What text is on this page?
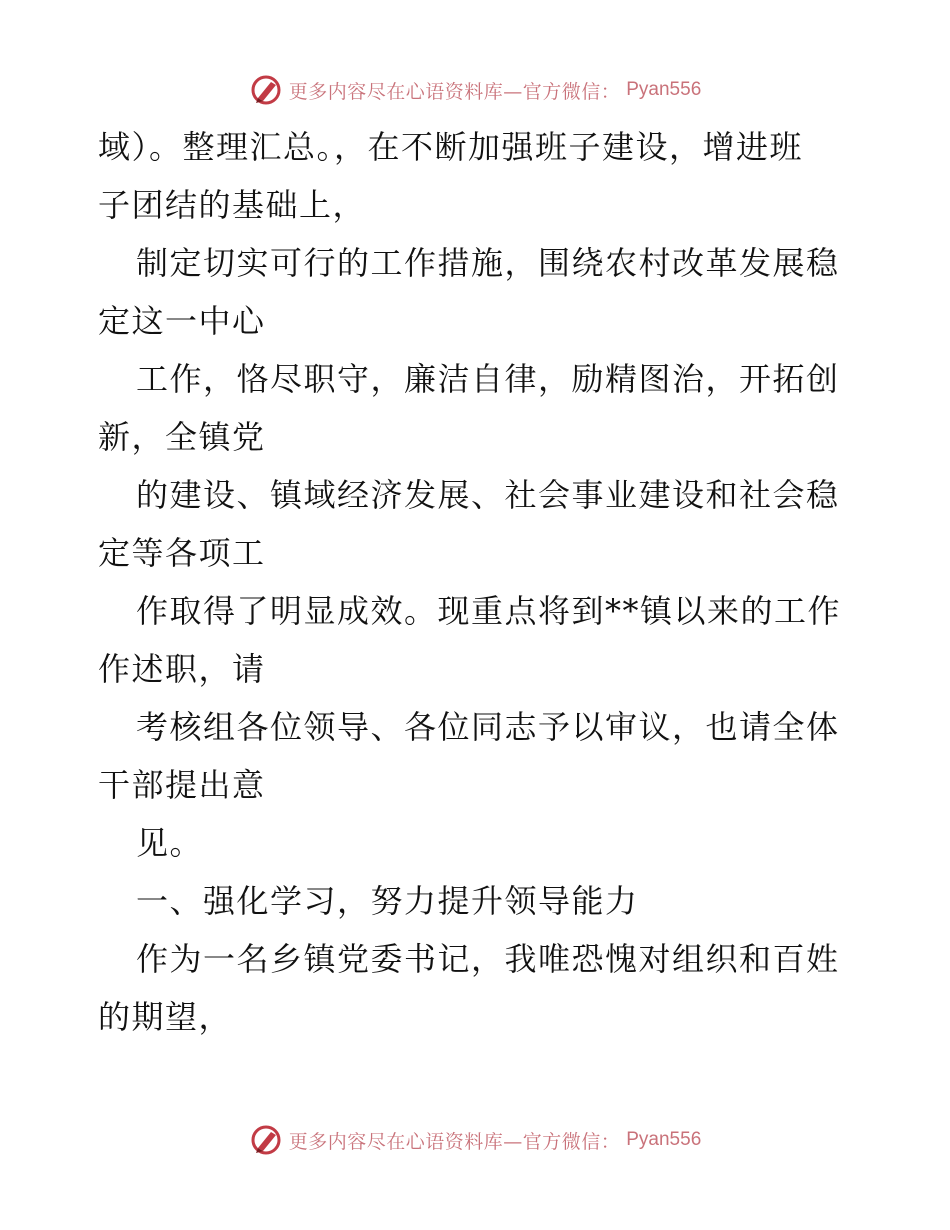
更多内容尽在心语资料库—官方微信： Pyan556
域）。整理汇总。，在不断加强班子建设，增进班
子团结的基础上，
制定切实可行的工作措施，围绕农村改革发展稳
定这一中心
工作，恪尽职守，廉洁自律，励精图治，开拓创
新，全镇党
的建设、镇域经济发展、社会事业建设和社会稳
定等各项工
作取得了明显成效。现重点将到**镇以来的工作
作述职，请
考核组各位领导、各位同志予以审议，也请全体
干部提出意
见。
一、强化学习，努力提升领导能力
作为一名乡镇党委书记，我唯恐愧对组织和百姓
的期望，
更多内容尽在心语资料库—官方微信： Pyan556
